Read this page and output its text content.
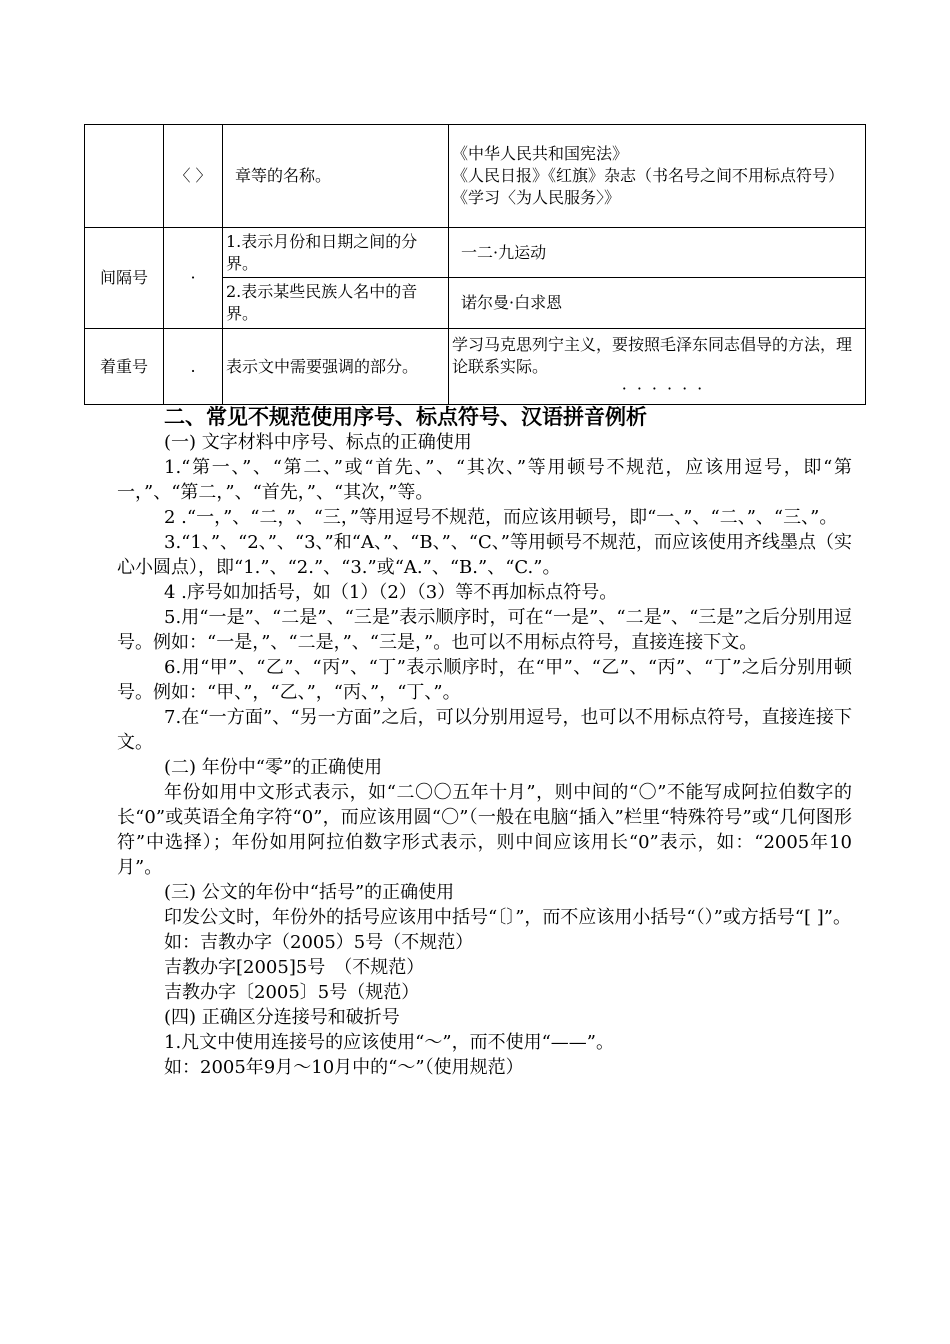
	〈 〉	章等的名称。	《中华人民共和国宪法》
《人民日报》《红旗》杂志（书名号之间不用标点符号）
《学习〈为人民服务〉》

间隔号	·	1.表示月份和日期之间的分界。	一二·九运动
		2.表示某些民族人名中的音界。	诺尔曼·白求恩
着重号	.	表示文中需要强调的部分。	学习马克思列宁主义，要按照毛泽东同志倡导的方法，理论联系实际。
······

二、常见不规范使用序号、标点符号、汉语拼音例析

(一) 文字材料中序号、标点的正确使用

1.“第一、”、“第二、”或“首先、”、“其次、”等用顿号不规范，应该用逗号，即“第一，”、“第二，”、“首先，”、“其次，”等。

2 .“一，”、“二，”、“三，”等用逗号不规范，而应该用顿号，即“一、”、“二、”、“三、”。

3.“1、”、“2、”、“3、”和“A、”、“B、”、“C、”等用顿号不规范，而应该使用齐线墨点（实心小圆点），即“1.”、“2.”、“3.”或“A.”、“B.”、“C.”。

4 .序号如加括号，如（1）（2）（3）等不再加标点符号。

5.用“一是”、“二是”、“三是”表示顺序时，可在“一是”、“二是”、“三是”之后分别用逗号。例如：“一是，”、“二是，”、“三是，”。也可以不用标点符号，直接连接下文。

6.用“甲”、“乙”、“丙”、“丁”表示顺序时，在“甲”、“乙”、“丙”、“丁”之后分别用顿号。例如：“甲、”，“乙、”，“丙、”，“丁、”。

7.在“一方面”、“另一方面”之后，可以分别用逗号，也可以不用标点符号，直接连接下文。

(二) 年份中“零”的正确使用

年份如用中文形式表示，如“二〇〇五年十月”，则中间的“〇”不能写成阿拉伯数字的长“0”或英语全角字符“0”，而应该用圆“〇”（一般在电脑“插入”栏里“特殊符号”或“几何图形符”中选择）；年份如用阿拉伯数字形式表示，则中间应该用长“0”表示，如：“2005年10月”。

(三) 公文的年份中“括号”的正确使用

印发公文时，年份外的括号应该用中括号“〔〕”，而不应该用小括号“（）”或方括号“[ ]”。

如：吉教办字（2005）5号（不规范）

吉教办字[2005]5号　（不规范）

吉教办字〔2005〕5号（规范）

(四) 正确区分连接号和破折号

1.凡文中使用连接号的应该使用“～”，而不使用“——”。

如：2005年9月～10月中的“～”（使用规范）
